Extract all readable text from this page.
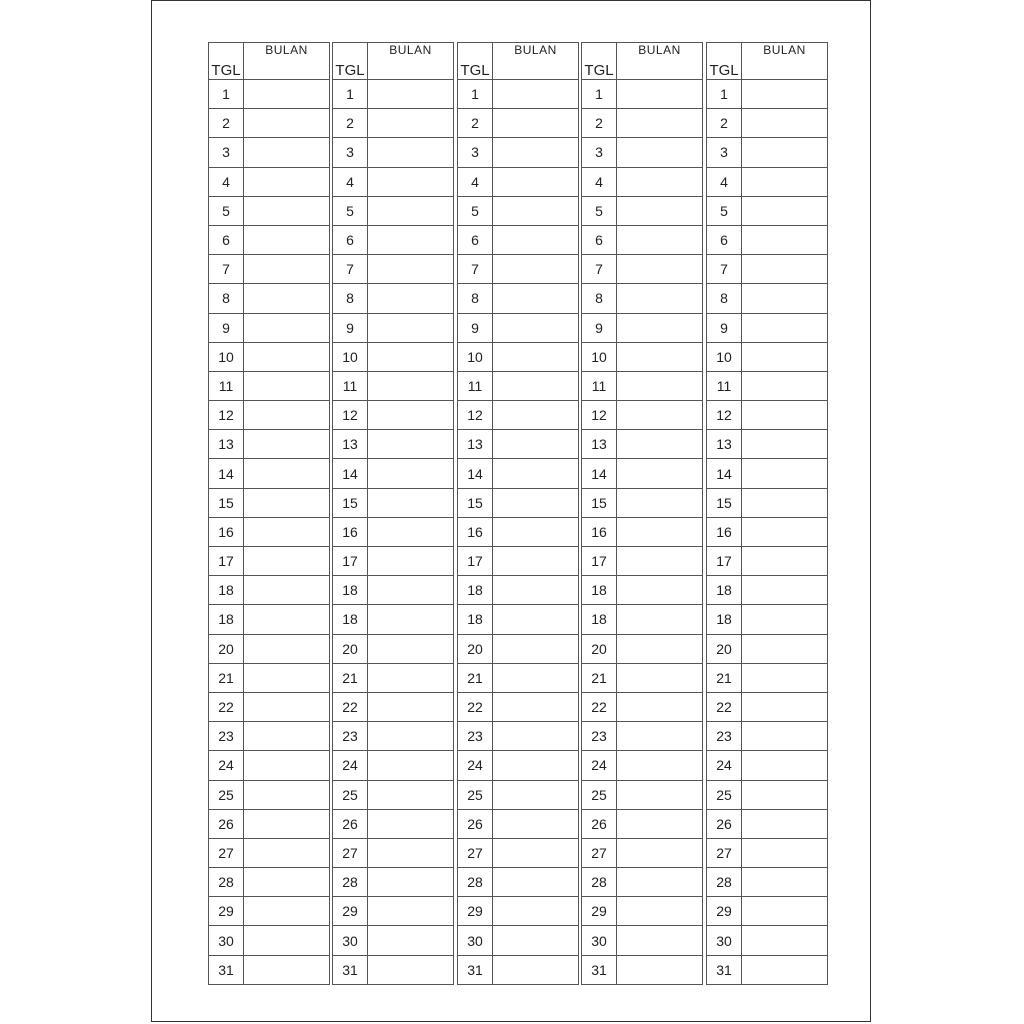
TGL	BULAN
1	
2	
3	
4	
5	
6	
7	
8	
9	
10	
11	
12	
13	
14	
15	
16	
17	
18	
18	
20	
21	
22	
23	
24	
25	
26	
27	
28	
29	
30	
31	
TGL	BULAN
1	
2	
3	
4	
5	
6	
7	
8	
9	
10	
11	
12	
13	
14	
15	
16	
17	
18	
18	
20	
21	
22	
23	
24	
25	
26	
27	
28	
29	
30	
31	
TGL	BULAN
1	
2	
3	
4	
5	
6	
7	
8	
9	
10	
11	
12	
13	
14	
15	
16	
17	
18	
18	
20	
21	
22	
23	
24	
25	
26	
27	
28	
29	
30	
31	
TGL	BULAN
1	
2	
3	
4	
5	
6	
7	
8	
9	
10	
11	
12	
13	
14	
15	
16	
17	
18	
18	
20	
21	
22	
23	
24	
25	
26	
27	
28	
29	
30	
31	
TGL	BULAN
1	
2	
3	
4	
5	
6	
7	
8	
9	
10	
11	
12	
13	
14	
15	
16	
17	
18	
18	
20	
21	
22	
23	
24	
25	
26	
27	
28	
29	
30	
31	
